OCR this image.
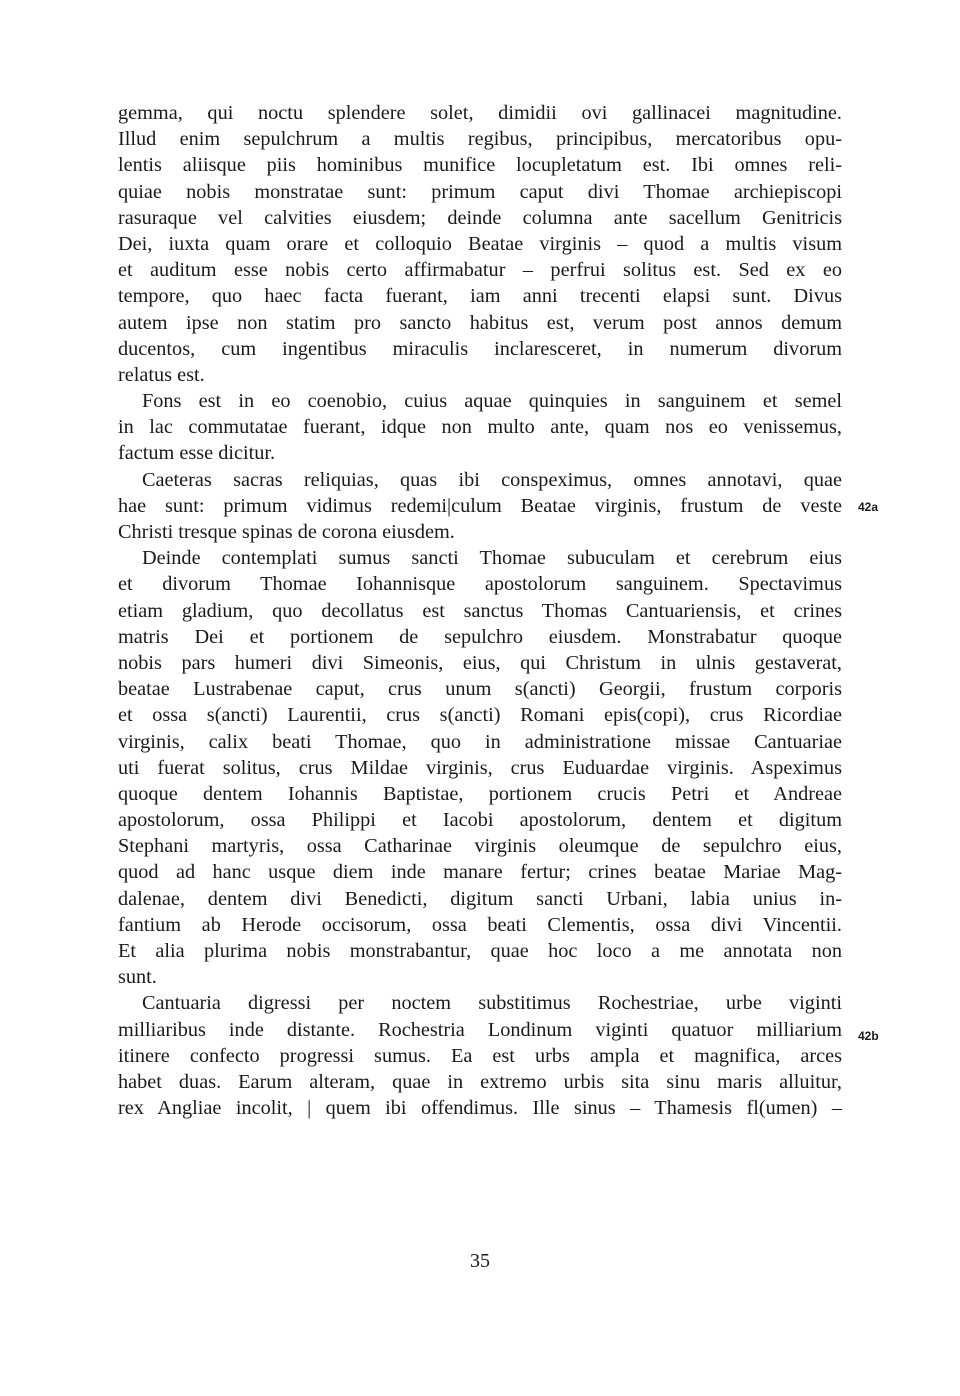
gemma, qui noctu splendere solet, dimidii ovi gallinacei magnitudine.
Illud enim sepulchrum a multis regibus, principibus, mercatoribus opu-
lentis aliisque piis hominibus munifice locupletatum est. Ibi omnes reli-
quiae nobis monstratae sunt: primum caput divi Thomae archiepiscopi
rasuraque vel calvities eiusdem; deinde columna ante sacellum Genitricis
Dei, iuxta quam orare et colloquio Beatae virginis – quod a multis visum
et auditum esse nobis certo affirmabatur – perfrui solitus est. Sed ex eo
tempore, quo haec facta fuerant, iam anni trecenti elapsi sunt. Divus
autem ipse non statim pro sancto habitus est, verum post annos demum
ducentos, cum ingentibus miraculis inclaresceret, in numerum divorum
relatus est.
Fons est in eo coenobio, cuius aquae quinquies in sanguinem et semel
in lac commutatae fuerant, idque non multo ante, quam nos eo venissemus,
factum esse dicitur.
Caeteras sacras reliquias, quas ibi conspeximus, omnes annotavi, quae
hae sunt: primum vidimus redemi|culum Beatae virginis, frustum de veste
Christi tresque spinas de corona eiusdem.
Deinde contemplati sumus sancti Thomae subuculam et cerebrum eius
et divorum Thomae Iohannisque apostolorum sanguinem. Spectavimus
etiam gladium, quo decollatus est sanctus Thomas Cantuariensis, et crines
matris Dei et portionem de sepulchro eiusdem. Monstrabatur quoque
nobis pars humeri divi Simeonis, eius, qui Christum in ulnis gestaverat,
beatae Lustrabenae caput, crus unum s(ancti) Georgii, frustum corporis
et ossa s(ancti) Laurentii, crus s(ancti) Romani epis(copi), crus Ricordiae
virginis, calix beati Thomae, quo in administratione missae Cantuariae
uti fuerat solitus, crus Mildae virginis, crus Euduardae virginis. Aspeximus
quoque dentem Iohannis Baptistae, portionem crucis Petri et Andreae
apostolorum, ossa Philippi et Iacobi apostolorum, dentem et digitum
Stephani martyris, ossa Catharinae virginis oleumque de sepulchro eius,
quod ad hanc usque diem inde manare fertur; crines beatae Mariae Mag-
dalenae, dentem divi Benedicti, digitum sancti Urbani, labia unius in-
fantium ab Herode occisorum, ossa beati Clementis, ossa divi Vincentii.
Et alia plurima nobis monstrabantur, quae hoc loco a me annotata non
sunt.
Cantuaria digressi per noctem substitimus Rochestriae, urbe viginti
milliaribus inde distante. Rochestria Londinum viginti quatuor milliarium
itinere confecto progressi sumus. Ea est urbs ampla et magnifica, arces
habet duas. Earum alteram, quae in extremo urbis sita sinu maris alluitur,
rex Angliae incolit, | quem ibi offendimus. Ille sinus – Thamesis fl(umen) –
42a
42b
35
